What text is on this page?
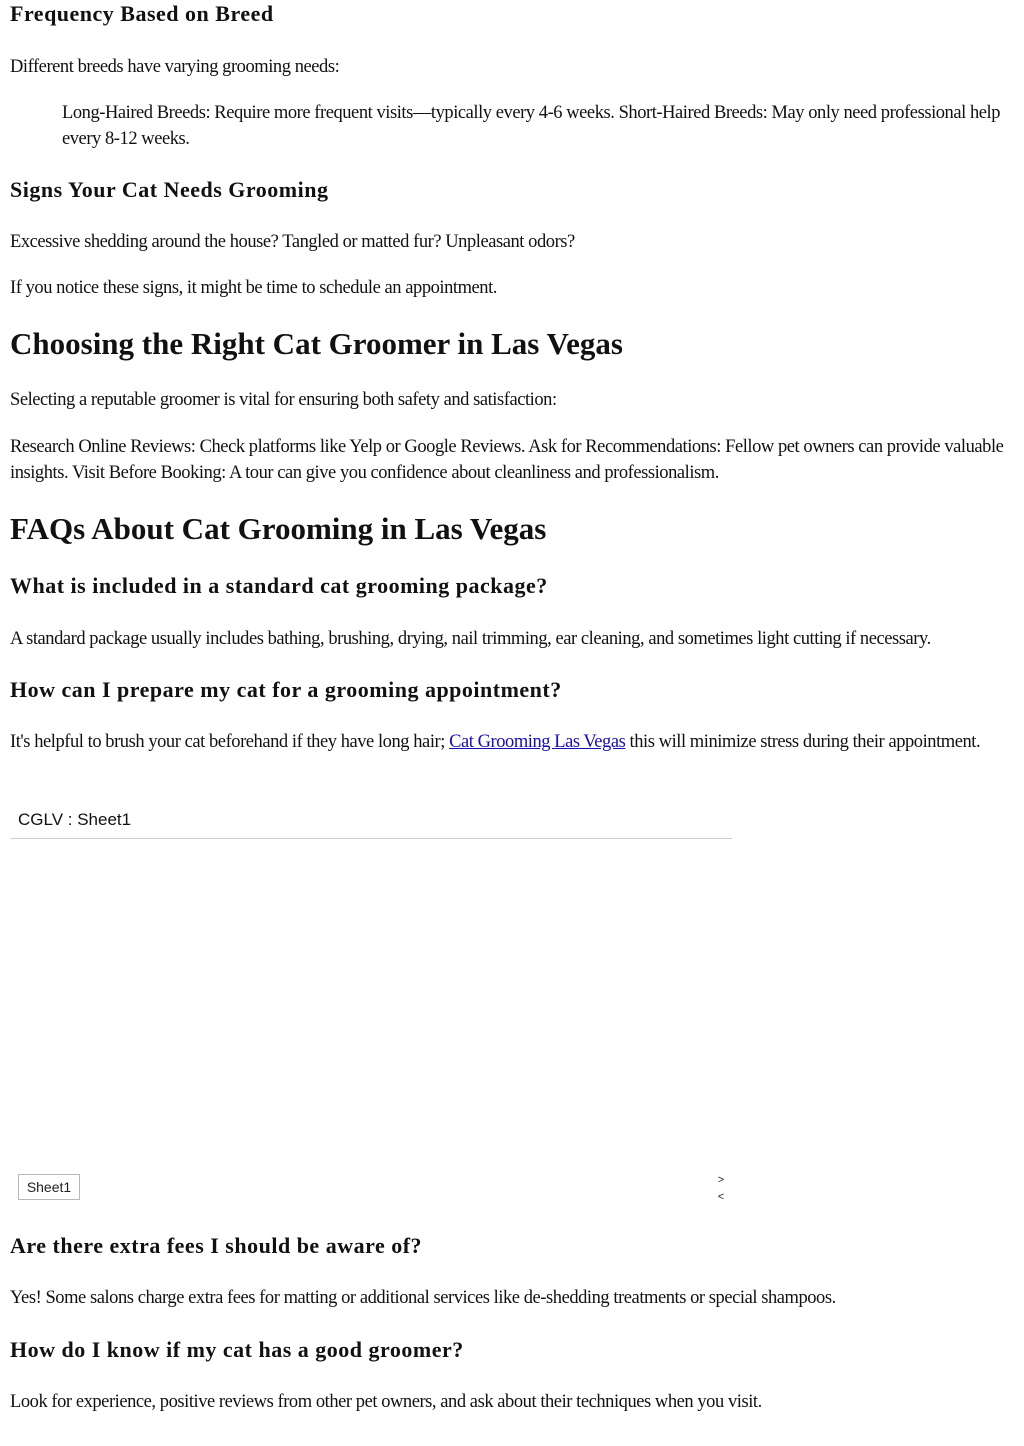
Frequency Based on Breed

Different breeds have varying grooming needs:

Long-Haired Breeds: Require more frequent visits—typically every 4-6 weeks. Short-Haired Breeds: May only need professional help every 8-12 weeks.

Signs Your Cat Needs Grooming

Excessive shedding around the house? Tangled or matted fur? Unpleasant odors?

If you notice these signs, it might be time to schedule an appointment.

Choosing the Right Cat Groomer in Las Vegas

Selecting a reputable groomer is vital for ensuring both safety and satisfaction:

Research Online Reviews: Check platforms like Yelp or Google Reviews. Ask for Recommendations: Fellow pet owners can provide valuable insights. Visit Before Booking: A tour can give you confidence about cleanliness and professionalism.

FAQs About Cat Grooming in Las Vegas
What is included in a standard cat grooming package?

A standard package usually includes bathing, brushing, drying, nail trimming, ear cleaning, and sometimes light cutting if necessary.

How can I prepare my cat for a grooming appointment?

It's helpful to brush your cat beforehand if they have long hair; Cat Grooming Las Vegas this will minimize stress during their appointment.

CGLV : Sheet1
Sheet1	>
<
Are there extra fees I should be aware of?

Yes! Some salons charge extra fees for matting or additional services like de-shedding treatments or special shampoos.

How do I know if my cat has a good groomer?

Look for experience, positive reviews from other pet owners, and ask about their techniques when you visit.
